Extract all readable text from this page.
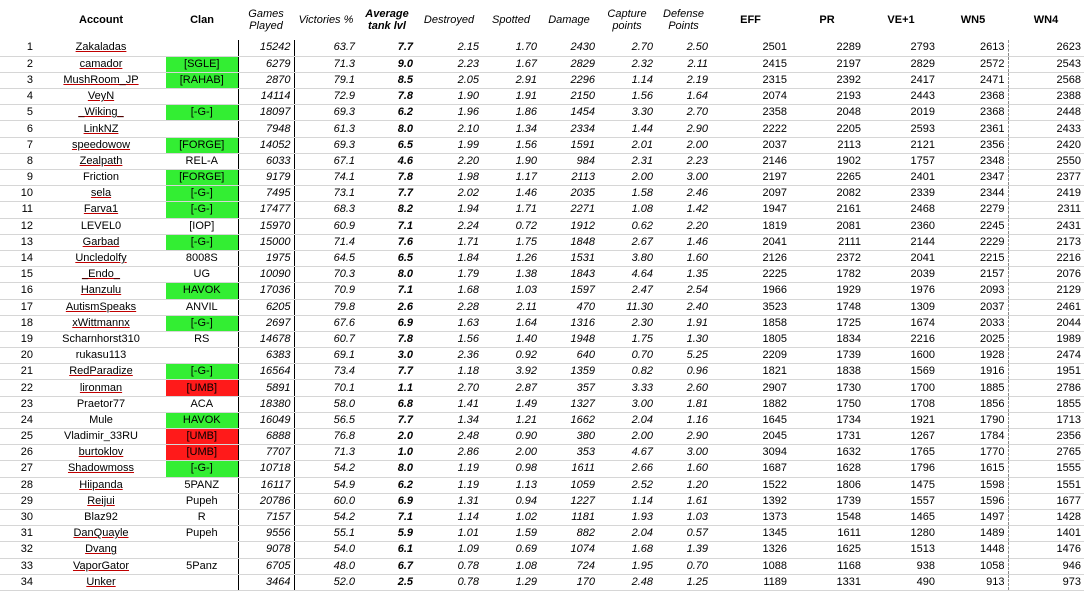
	Account	Clan	Games Played	Victories %	Average tank lvl	Destroyed	Spotted	Damage	Capture points	Defense Points	EFF	PR	VE+1	WN5	WN4
1	Zakaladas		15242	63.7	7.7	2.15	1.70	2430	2.70	2.50	2501	2289	2793	2613	2623
2	camador	[SGLE]	6279	71.3	9.0	2.23	1.67	2829	2.32	2.11	2415	2197	2829	2572	2543
3	MushRoom_JP	[RAHAB]	2870	79.1	8.5	2.05	2.91	2296	1.14	2.19	2315	2392	2417	2471	2568
4	VeyN		14114	72.9	7.8	1.90	1.91	2150	1.56	1.64	2074	2193	2443	2368	2388
5	_Wiking_	[-G-]	18097	69.3	6.2	1.96	1.86	1454	3.30	2.70	2358	2048	2019	2368	2448
6	LinkNZ		7948	61.3	8.0	2.10	1.34	2334	1.44	2.90	2222	2205	2593	2361	2433
7	speedowow	[FORGE]	14052	69.3	6.5	1.99	1.56	1591	2.01	2.00	2037	2113	2121	2356	2420
8	Zealpath	REL-A	6033	67.1	4.6	2.20	1.90	984	2.31	2.23	2146	1902	1757	2348	2550
9	Friction	[FORGE]	9179	74.1	7.8	1.98	1.17	2113	2.00	3.00	2197	2265	2401	2347	2377
10	sela	[-G-]	7495	73.1	7.7	2.02	1.46	2035	1.58	2.46	2097	2082	2339	2344	2419
11	Farva1	[-G-]	17477	68.3	8.2	1.94	1.71	2271	1.08	1.42	1947	2161	2468	2279	2311
12	LEVEL0	[IOP]	15970	60.9	7.1	2.24	0.72	1912	0.62	2.20	1819	2081	2360	2245	2431
13	Garbad	[-G-]	15000	71.4	7.6	1.71	1.75	1848	2.67	1.46	2041	2111	2144	2229	2173
14	Uncledolfy	8008S	1975	64.5	6.5	1.84	1.26	1531	3.80	1.60	2126	2372	2041	2215	2216
15	_Endo_	UG	10090	70.3	8.0	1.79	1.38	1843	4.64	1.35	2225	1782	2039	2157	2076
16	Hanzulu	HAVOK	17036	70.9	7.1	1.68	1.03	1597	2.47	2.54	1966	1929	1976	2093	2129
17	AutismSpeaks	ANVIL	6205	79.8	2.6	2.28	2.11	470	11.30	2.40	3523	1748	1309	2037	2461
18	xWittmannx	[-G-]	2697	67.6	6.9	1.63	1.64	1316	2.30	1.91	1858	1725	1674	2033	2044
19	Scharnhorst310	RS	14678	60.7	7.8	1.56	1.40	1948	1.75	1.30	1805	1834	2216	2025	1989
20	rukasu113		6383	69.1	3.0	2.36	0.92	640	0.70	5.25	2209	1739	1600	1928	2474
21	RedParadize	[-G-]	16564	73.4	7.7	1.18	3.92	1359	0.82	0.96	1821	1838	1569	1916	1951
22	lironman	[UMB]	5891	70.1	1.1	2.70	2.87	357	3.33	2.60	2907	1730	1700	1885	2786
23	Praetor77	ACA	18380	58.0	6.8	1.41	1.49	1327	3.00	1.81	1882	1750	1708	1856	1855
24	Mule	HAVOK	16049	56.5	7.7	1.34	1.21	1662	2.04	1.16	1645	1734	1921	1790	1713
25	Vladimir_33RU	[UMB]	6888	76.8	2.0	2.48	0.90	380	2.00	2.90	2045	1731	1267	1784	2356
26	burtoklov	[UMB]	7707	71.3	1.0	2.86	2.00	353	4.67	3.00	3094	1632	1765	1770	2765
27	Shadowmoss	[-G-]	10718	54.2	8.0	1.19	0.98	1611	2.66	1.60	1687	1628	1796	1615	1555
28	Hiipanda	5PANZ	16117	54.9	6.2	1.19	1.13	1059	2.52	1.20	1522	1806	1475	1598	1551
29	Reijui	Pupeh	20786	60.0	6.9	1.31	0.94	1227	1.14	1.61	1392	1739	1557	1596	1677
30	Blaz92	R	7157	54.2	7.1	1.14	1.02	1181	1.93	1.03	1373	1548	1465	1497	1428
31	DanQuayle	Pupeh	9556	55.1	5.9	1.01	1.59	882	2.04	0.57	1345	1611	1280	1489	1401
32	Dvang		9078	54.0	6.1	1.09	0.69	1074	1.68	1.39	1326	1625	1513	1448	1476
33	VaporGator	5Panz	6705	48.0	6.7	0.78	1.08	724	1.95	0.70	1088	1168	938	1058	946
34	Unker		3464	52.0	2.5	0.78	1.29	170	2.48	1.25	1189	1331	490	913	973
